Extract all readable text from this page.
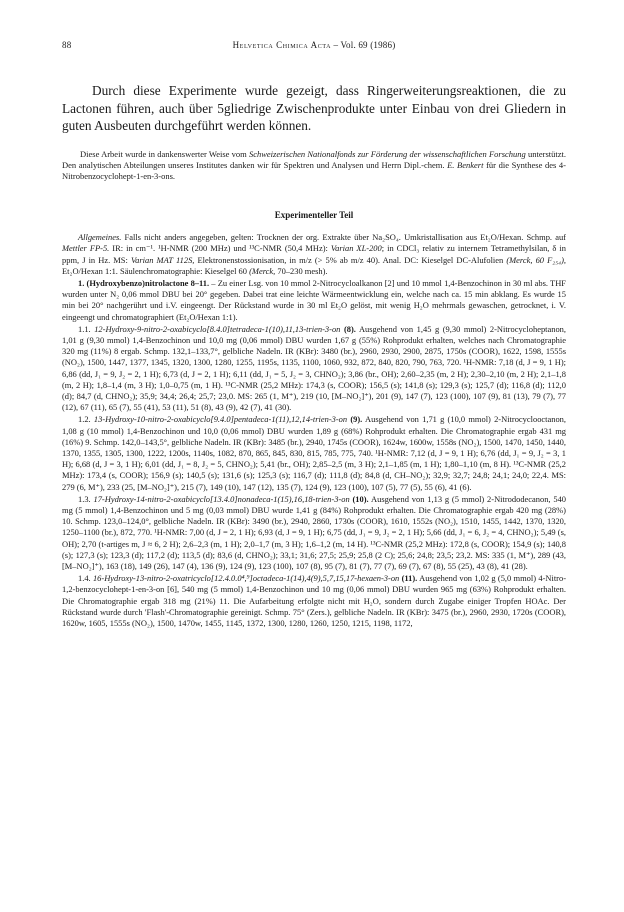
88	Helvetica Chimica Acta – Vol. 69 (1986)
Durch diese Experimente wurde gezeigt, dass Ringerweiterungsreaktionen, die zu Lactonen führen, auch über 5gliedrige Zwischenprodukte unter Einbau von drei Gliedern in guten Ausbeuten durchgeführt werden können.
Diese Arbeit wurde in dankenswerter Weise vom Schweizerischen Nationalfonds zur Förderung der wissenschaftlichen Forschung unterstützt. Den analytischen Abteilungen unseres Institutes danken wir für Spektren und Analysen und Herrn Dipl.-chem. E. Benkert für die Synthese des 4-Nitrobenzocyclohept-1-en-3-ons.
Experimenteller Teil

Allgemeines. Falls nicht anders angegeben, gelten: Trocknen der org. Extrakte über Na₂SO₄. Umkristallisation aus Et₂O/Hexan. Schmp. auf Mettler FP-5. IR: in cm⁻¹. ¹H-NMR (200 MHz) und ¹³C-NMR (50,4 MHz): Varian XL-200; in CDCl₃ relativ zu internem Tetramethylsilan, δ in ppm, J in Hz. MS: Varian MAT 112S, Elektronenstossionisation, in m/z (> 5% ab m/z 40). Anal. DC: Kieselgel DC-Alufolien (Merck, 60 F₂₅₄), Et₂O/Hexan 1:1. Säulenchromatographie: Kieselgel 60 (Merck, 70–230 mesh).

1. (Hydroxybenzo)nitrolactone 8–11. – Zu einer Lsg. von 10 mmol 2-Nitrocycloalkanon [2] und 10 mmol 1,4-Benzochinon in 30 ml abs. THF wurden unter N₂ 0,06 mmol DBU bei 20° gegeben. Dabei trat eine leichte Wärmeentwicklung ein, welche nach ca. 15 min abklang. Es wurde 15 min bei 20° nachgerührt und i.V. eingeengt. Der Rückstand wurde in 30 ml Et₂O gelöst, mit wenig H₂O mehrmals gewaschen, getrocknet, i. V. eingeengt und chromatographiert (Et₂O/Hexan 1:1).

1.1. 12-Hydroxy-9-nitro-2-oxabicyclo[8.4.0]tetradeca-1(10),11,13-trien-3-on (8). Ausgehend von 1,45 g (9,30 mmol) 2-Nitrocycloheptanon, 1,01 g (9,30 mmol) 1,4-Benzochinon und 10,0 mg (0,06 mmol) DBU wurden 1,67 g (55%) Rohprodukt erhalten, welches nach Chromatographie 320 mg (11%) 8 ergab. Schmp. 132,1–133,7°, gelbliche Nadeln. IR (KBr): 3480 (br.), 2960, 2930, 2900, 2875, 1750s (COOR), 1622, 1598, 1555s (NO₂), 1500, 1447, 1377, 1345, 1320, 1300, 1280, 1255, 1195s, 1135, 1100, 1060, 932, 872, 840, 820, 790, 763, 720. ¹H-NMR: 7,18 (d, J = 9, 1 H); 6,86 (dd, J₁ = 9, J₂ = 2, 1 H); 6,73 (d, J = 2, 1 H); 6,11 (dd, J₁ = 5, J₂ = 3, CHNO₂); 3,86 (br., OH); 2,60–2,35 (m, 2 H); 2,30–2,10 (m, 2 H); 2,1–1,8 (m, 2 H); 1,8–1,4 (m, 3 H); 1,0–0,75 (m, 1 H). ¹³C-NMR (25,2 MHz): 174,3 (s, COOR); 156,5 (s); 141,8 (s); 129,3 (s); 125,7 (d); 116,8 (d); 112,0 (d); 84,7 (d, CHNO₂); 35,9; 34,4; 26,4; 25,7; 23,0. MS: 265 (1, M⁺), 219 (10, [M–NO₂]⁺), 201 (9), 147 (7), 123 (100), 107 (9), 81 (13), 79 (7), 77 (12), 67 (11), 65 (7), 55 (41), 53 (11), 51 (8), 43 (9), 42 (7), 41 (30).

1.2. 13-Hydroxy-10-nitro-2-oxabicyclo[9.4.0]pentadeca-1(11),12,14-trien-3-on (9). Ausgehend von 1,71 g (10,0 mmol) 2-Nitrocyclooctanon, 1,08 g (10 mmol) 1,4-Benzochinon und 10,0 (0,06 mmol) DBU wurden 1,89 g (68%) Rohprodukt erhalten. Die Chromatographie ergab 431 mg (16%) 9. Schmp. 142,0–143,5°, gelbliche Nadeln. IR (KBr): 3485 (br.), 2940, 1745s (COOR), 1624w, 1600w, 1558s (NO₂), 1500, 1470, 1450, 1440, 1370, 1355, 1305, 1300, 1222, 1200s, 1140s, 1082, 870, 865, 845, 830, 815, 785, 775, 740. ¹H-NMR: 7,12 (d, J = 9, 1 H); 6,76 (dd, J₁ = 9, J₂ = 3, 1 H); 6,68 (d, J = 3, 1 H); 6,01 (dd, J₁ = 8, J₂ = 5, CHNO₂); 5,41 (br., OH); 2,85–2,5 (m, 3 H); 2,1–1,85 (m, 1 H); 1,80–1,10 (m, 8 H). ¹³C-NMR (25,2 MHz): 173,4 (s, COOR); 156,9 (s); 140,5 (s); 131,6 (s); 125,3 (s); 116,7 (d); 111,8 (d); 84,8 (d, CH–NO₂); 32,9; 32,7; 24,8; 24,1; 24,0; 22,4. MS: 279 (6, M⁺), 233 (25, [M–NO₂]⁺), 215 (7), 149 (10), 147 (12), 135 (7), 124 (9), 123 (100), 107 (5), 77 (5), 55 (6), 41 (6).

1.3. 17-Hydroxy-14-nitro-2-oxabicyclo[13.4.0]nonadeca-1(15),16,18-trien-3-on (10). Ausgehend von 1,13 g (5 mmol) 2-Nitrododecanon, 540 mg (5 mmol) 1,4-Benzochinon und 5 mg (0,03 mmol) DBU wurde 1,41 g (84%) Rohprodukt erhalten. Die Chromatographie ergab 420 mg (28%) 10. Schmp. 123,0–124,0°, gelbliche Nadeln. IR (KBr): 3490 (br.), 2940, 2860, 1730s (COOR), 1610, 1552s (NO₂), 1510, 1455, 1442, 1370, 1320, 1250–1100 (br.), 872, 770. ¹H-NMR: 7,00 (d, J = 2, 1 H); 6,93 (d, J = 9, 1 H); 6,75 (dd, J₁ = 9, J₂ = 2, 1 H); 5,66 (dd, J₁ = 6, J₂ = 4, CHNO₂); 5,49 (s, OH); 2,70 (t-artiges m, J ≈ 6, 2 H); 2,6–2,3 (m, 1 H); 2,0–1,7 (m, 3 H); 1,6–1,2 (m, 14 H). ¹³C-NMR (25,2 MHz): 172,8 (s, COOR); 154,9 (s); 140,8 (s); 127,3 (s); 123,3 (d); 117,2 (d); 113,5 (d); 83,6 (d, CHNO₂); 33,1; 31,6; 27,5; 25,9; 25,8 (2 C); 25,6; 24,8; 23,5; 23,2. MS: 335 (1, M⁺), 289 (43, [M–NO₂]⁺), 163 (18), 149 (26), 147 (4), 136 (9), 124 (9), 123 (100), 107 (8), 95 (7), 81 (7), 77 (7), 69 (7), 67 (8), 55 (25), 43 (8), 41 (28).

1.4. 16-Hydroxy-13-nitro-2-oxatricyclo[12.4.0.0⁴,⁹]octadeca-1(14),4(9),5,7,15,17-hexaen-3-on (11). Ausgehend von 1,02 g (5,0 mmol) 4-Nitro-1,2-benzocyclohept-1-en-3-on [6], 540 mg (5 mmol) 1,4-Benzochinon und 10 mg (0,06 mmol) DBU wurden 965 mg (63%) Rohprodukt erhalten. Die Chromatographie ergab 318 mg (21%) 11. Die Aufarbeitung erfolgte nicht mit H₂O, sondern durch Zugabe einiger Tropfen HOAc. Der Rückstand wurde durch 'Flash'-Chromatographie gereinigt. Schmp. 75° (Zers.), gelbliche Nadeln. IR (KBr): 3475 (br.), 2960, 2930, 1720s (COOR), 1620w, 1605, 1555s (NO₂), 1500, 1470w, 1455, 1145, 1372, 1300, 1280, 1260, 1250, 1215, 1198, 1172,
